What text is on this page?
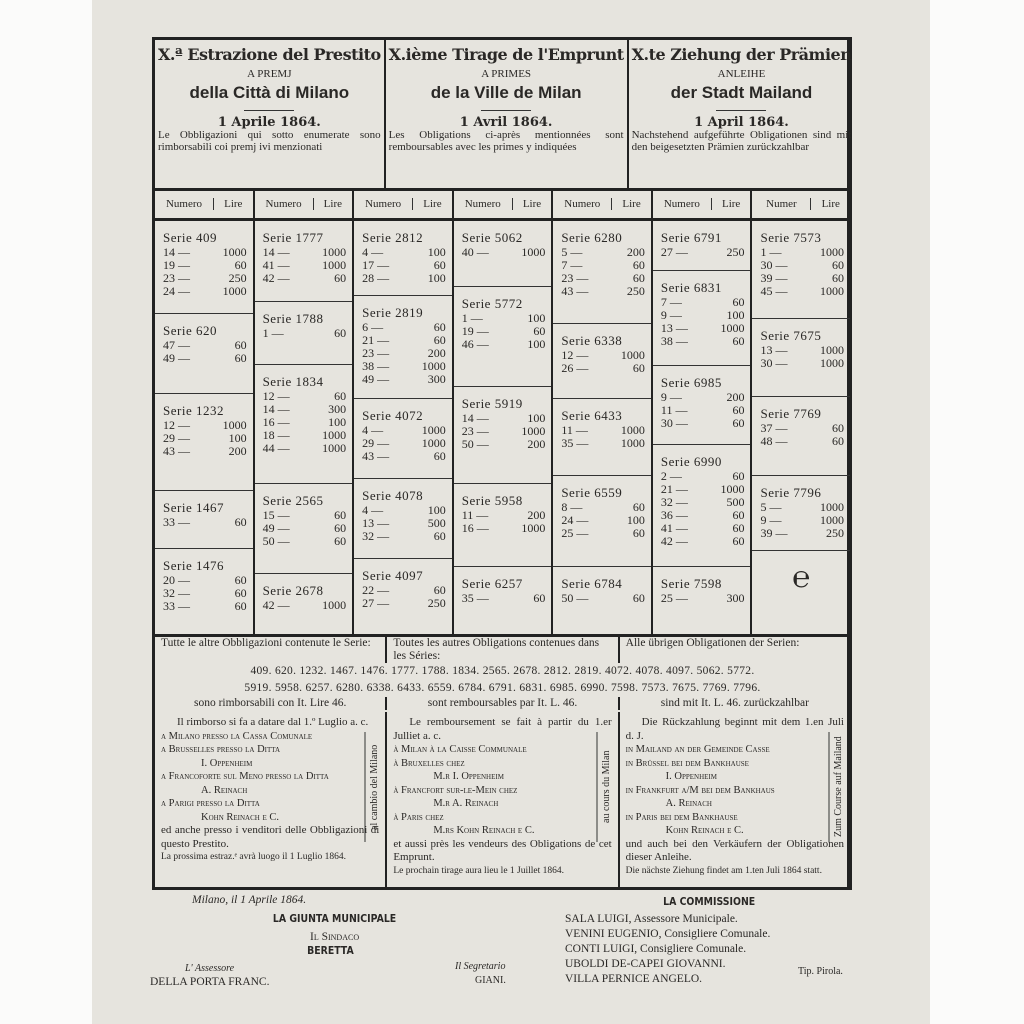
X.ª Estrazione del Prestito
A PREMJ
della Città di Milano
1 Aprile 1864.
Le Obbligazioni qui sotto enumerate sono rimborsabili coi premj ivi menzionati
X.ième Tirage de l'Emprunt
A PRIMES
de la Ville de Milan
1 Avril 1864.
Les Obligations ci-après mentionnées sont remboursables avec les primes y indiquées
X.te Ziehung der Prämien
ANLEIHE
der Stadt Mailand
1 April 1864.
Nachstehend aufgeführte Obligationen sind mit den beigesetzten Prämien zurückzahlbar
Numero	Lire
Serie 409
14 —	1000
19 —	60
23 —	250
24 —	1000
Serie 620
47 —	60
49 —	60
Serie 1232
12 —	1000
29 —	100
43 —	200
Serie 1467
33 —	60
Serie 1476
20 —	60
32 —	60
33 —	60
Numero	Lire
Serie 1777
14 —	1000
41 —	1000
42 —	60
Serie 1788
1 —	60
Serie 1834
12 —	60
14 —	300
16 —	100
18 —	1000
44 —	1000
Serie 2565
15 —	60
49 —	60
50 —	60
Serie 2678
42 —	1000
Numero	Lire
Serie 2812
4 —	100
17 —	60
28 —	100
Serie 2819
6 —	60
21 —	60
23 —	200
38 —	1000
49 —	300
Serie 4072
4 —	1000
29 —	1000
43 —	60
Serie 4078
4 —	100
13 —	500
32 —	60
Serie 4097
22 —	60
27 —	250
Numero	Lire
Serie 5062
40 —	1000
Serie 5772
1 —	100
19 —	60
46 —	100
Serie 5919
14 —	100
23 —	1000
50 —	200
Serie 5958
11 —	200
16 —	1000
Serie 6257
35 —	60
Numero	Lire
Serie 6280
5 —	200
7 —	60
23 —	60
43 —	250
Serie 6338
12 —	1000
26 —	60
Serie 6433
11 —	1000
35 —	1000
Serie 6559
8 —	60
24 —	100
25 —	60
Serie 6784
50 —	60
Numero	Lire
Serie 6791
27 —	250
Serie 6831
7 —	60
9 —	100
13 —	1000
38 —	60
Serie 6985
9 —	200
11 —	60
30 —	60
Serie 6990
2 —	60
21 —	1000
32 —	500
36 —	60
41 —	60
42 —	60
Serie 7598
25 —	300
Numer	Lire
Serie 7573
1 —	1000
30 —	60
39 —	60
45 —	1000
Serie 7675
13 —	1000
30 —	1000
Serie 7769
37 —	60
48 —	60
Serie 7796
5 —	1000
9 —	1000
39 —	250
℮
Tutte le altre Obbligazioni contenute le Serie:	Toutes les autres Obligations contenues dans les Séries:
Alle übrigen Obligationen der Serien:
409. 620. 1232. 1467. 1476. 1777. 1788. 1834. 2565. 2678. 2812. 2819. 4072. 4078. 4097. 5062. 5772.
5919. 5958. 6257. 6280. 6338. 6433. 6559. 6784. 6791. 6831. 6985. 6990. 7598. 7573. 7675. 7769. 7796.
sono rimborsabili con It. Lire 46.	sont remboursables par It. L. 46.	sind mit It. L. 46. zurückzahlbar

Il rimborso si fa a datare dal 1.º Luglio a. c.

a Milano presso la Cassa Comunale

a Brusselles presso la Ditta

I. Oppenheim

a Francoforte sul Meno presso la Ditta

A. Reinach

a Parigi presso la Ditta

Kohn Reinach e C.	al cambio del Milano

ed anche presso i venditori delle Obbligazioni di questo Prestito.

La prossima estraz.ᵉ avrà luogo il 1 Luglio 1864.

Le remboursement se fait à partir du 1.er Julliet a. c.

à Milan à la Caisse Communale

à Bruxelles chez

M.r I. Oppenheim

à Francfort sur-le-Mein chez

M.r A. Reinach

à Paris chez

M.rs Kohn Reinach e C.

au cours du Milan

et aussi près les vendeurs des Obligations de cet Emprunt.

Le prochain tirage aura lieu le 1 Juillet 1864.

Die Rückzahlung beginnt mit dem 1.en Juli d. J.

in Mailand an der Gemeinde Casse

in Brüssel bei dem Bankhause

I. Oppenheim

in Frankfurt a/M bei dem Bankhaus

A. Reinach

in Paris bei dem Bankhause

Kohn Reinach e C.	Zum Course auf Mailand

und auch bei den Verkäufern der Obligationen dieser Anleihe.

Die nächste Ziehung findet am 1.ten Juli 1864 statt.

Milano, il 1 Aprile 1864.
LA GIUNTA MUNICIPALE
Il Sindaco
BERETTA
L' Assessore
DELLA PORTA FRANC.
Il Segretario
GIANI.
LA COMMISSIONE
SALA LUIGI, Assessore Municipale.
VENINI EUGENIO, Consigliere Comunale.
CONTI LUIGI, Consigliere Comunale.
UBOLDI DE-CAPEI GIOVANNI.
VILLA PERNICE ANGELO.
Tip. Pirola.
